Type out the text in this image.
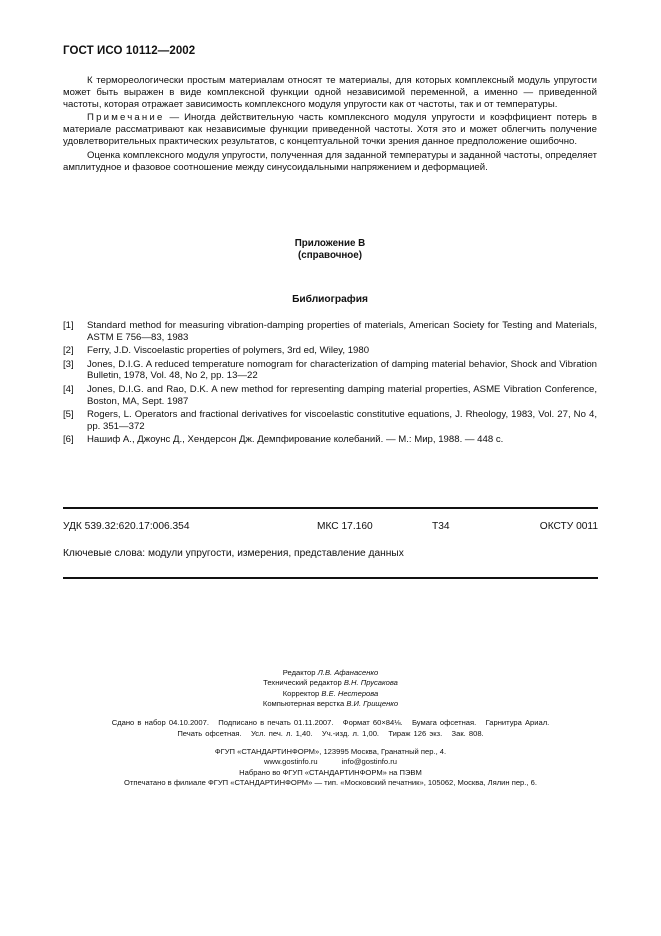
ГОСТ ИСО 10112—2002

К термореологически простым материалам относят те материалы, для которых комплексный модуль упругости может быть выражен в виде комплексной функции одной независимой переменной, а именно — приведенной частоты, которая отражает зависимость комплексного модуля упругости как от частоты, так и от температуры.

Примечание — Иногда действительную часть комплексного модуля упругости и коэффициент потерь в материале рассматривают как независимые функции приведенной частоты. Хотя это и может облегчить получение удовлетворительных практических результатов, с концептуальной точки зрения данное предположение ошибочно.

Оценка комплексного модуля упругости, полученная для заданной температуры и заданной частоты, определяет амплитудное и фазовое соотношение между синусоидальными напряжением и деформацией.

Приложение В
(справочное)
Библиография
[1]	Standard method for measuring vibration-damping properties of materials, American Society for Testing and Materials, ASTM E 756—83, 1983
[2]	Ferry, J.D. Viscoelastic properties of polymers, 3rd ed, Wiley, 1980
[3]	Jones, D.I.G. A reduced temperature nomogram for characterization of damping material behavior, Shock and Vibration Bulletin, 1978, Vol. 48, No 2, pp. 13—22
[4]	Jones, D.I.G. and Rao, D.K. A new method for representing damping material properties, ASME Vibration Conference, Boston, MA, Sept. 1987
[5]	Rogers, L. Operators and fractional derivatives for viscoelastic constitutive equations, J. Rheology, 1983, Vol. 27, No 4, pp. 351—372
[6]	Нашиф А., Джоунс Д., Хендерсон Дж. Демпфирование колебаний. — М.: Мир, 1988. — 448 с.
УДК 539.32:620.17:006.354	МКС 17.160	Т34	ОКСТУ 0011
Ключевые слова: модули упругости, измерения, представление данных
Редактор Л.В. Афанасенко
Технический редактор В.Н. Прусакова
Корректор В.Е. Нестерова
Компьютерная верстка В.И. Грищенко
Сдано в набор 04.10.2007.   Подписано в печать 01.11.2007.   Формат 60×84⅛.   Бумага офсетная.   Гарнитура Ариал.
Печать офсетная.   Усл. печ. л. 1,40.   Уч.-изд. л. 1,00.   Тираж 126 экз.   Зак. 808.
ФГУП «СТАНДАРТИНФОРМ», 123995 Москва, Гранатный пер., 4.
www.gostinfo.ru	info@gostinfo.ru
Набрано во ФГУП «СТАНДАРТИНФОРМ» на ПЭВМ
Отпечатано в филиале ФГУП «СТАНДАРТИНФОРМ» — тип. «Московский печатник», 105062, Москва, Лялин пер., 6.
